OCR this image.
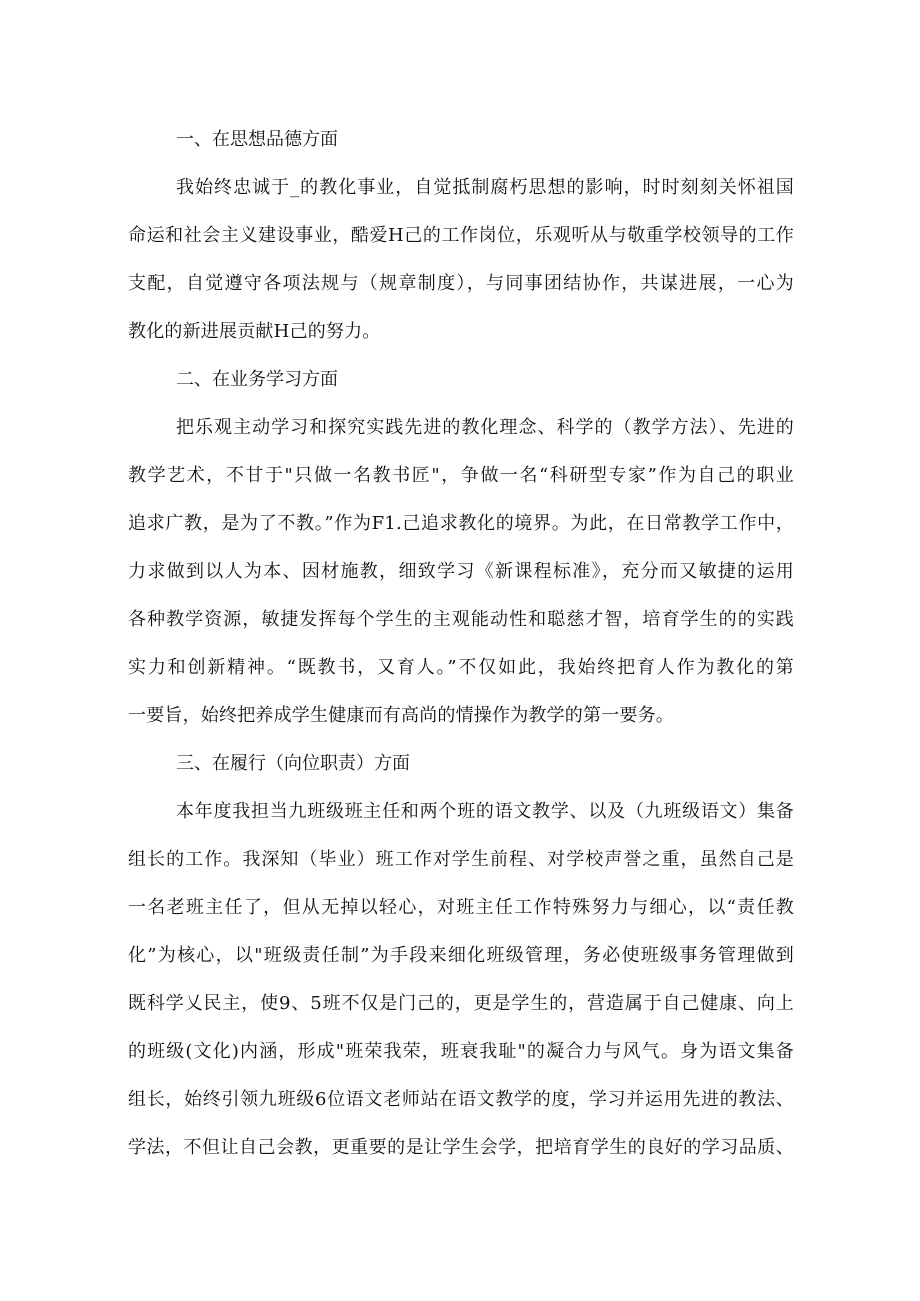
一、在思想品德方面
我始终忠诚于_的教化事业，自觉抵制腐朽思想的影响，时时刻刻关怀祖国
命运和社会主义建设事业，酷爱H己的工作岗位，乐观听从与敬重学校领导的工作
支配，自觉遵守各项法规与（规章制度），与同事团结协作，共谋进展，一心为
教化的新进展贡献H己的努力。
二、在业务学习方面
把乐观主动学习和探究实践先进的教化理念、科学的（教学方法）、先进的
教学艺术，不甘于"只做一名教书匠"，争做一名“科研型专家”作为自己的职业
追求广教，是为了不教。”作为F1.己追求教化的境界。为此，在日常教学工作中，
力求做到以人为本、因材施教，细致学习《新课程标准》，充分而又敏捷的运用
各种教学资源，敏捷发挥每个学生的主观能动性和聪慈才智，培育学生的的实践
实力和创新精神。“既教书，又育人。”不仅如此，我始终把育人作为教化的第
一要旨，始终把养成学生健康而有高尚的情操作为教学的第一要务。
三、在履行（向位职责）方面
本年度我担当九班级班主任和两个班的语文教学、以及（九班级语文）集备
组长的工作。我深知（毕业）班工作对学生前程、对学校声誉之重，虽然自己是
一名老班主任了，但从无掉以轻心，对班主任工作特殊努力与细心，以“责任教
化”为核心，以"班级责任制”为手段来细化班级管理，务必使班级事务管理做到
既科学乂民主，使9、5班不仅是门己的，更是学生的，营造属于自己健康、向上
的班级(文化)内涵，形成"班荣我荣，班衰我耻"的凝合力与风气。身为语文集备
组长，始终引领九班级6位语文老师站在语文教学的度，学习并运用先进的教法、
学法，不但让自己会教，更重要的是让学生会学，把培育学生的良好的学习品质、
